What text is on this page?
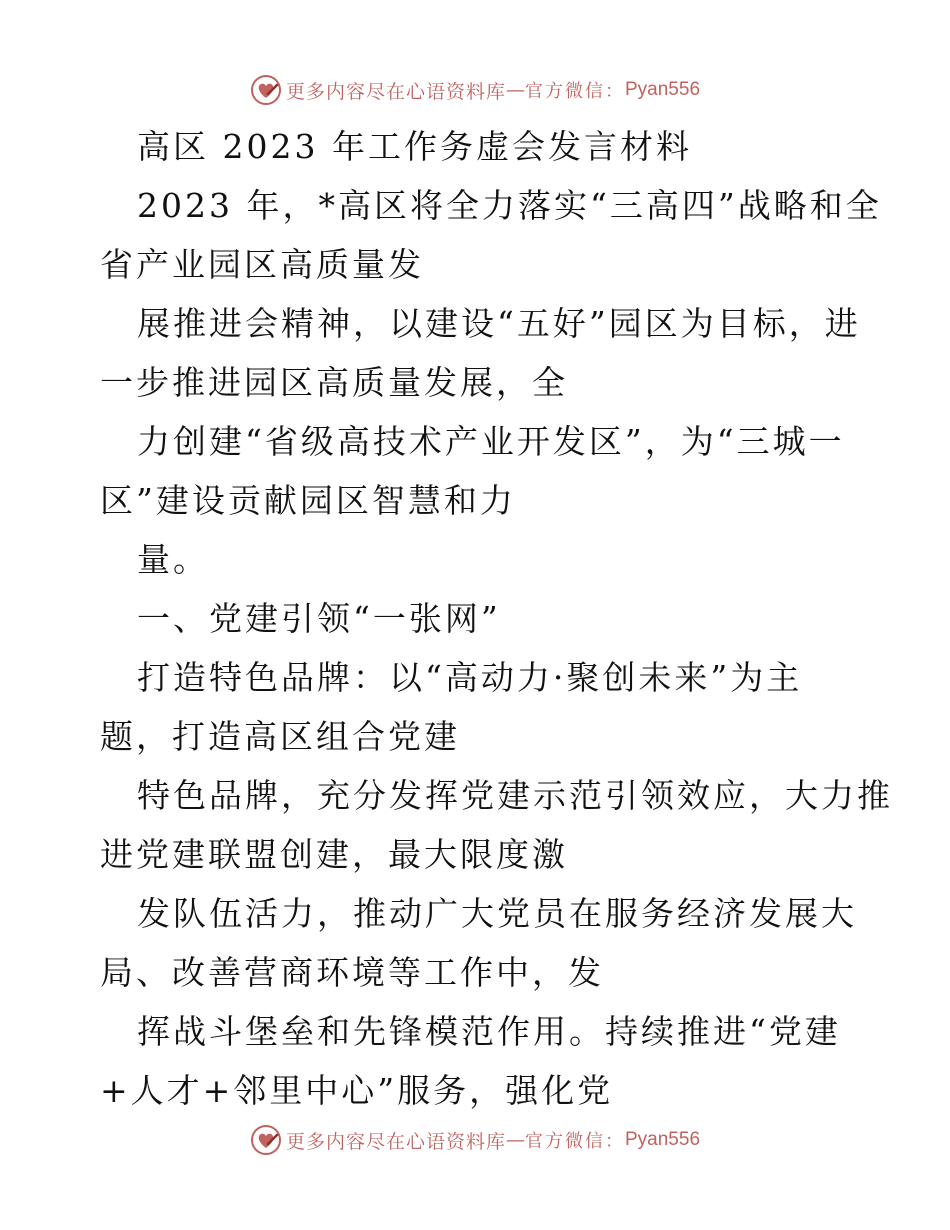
更多内容尽在心语资料库 — 官方微信： Pyan556
高区 2023 年工作务虚会发言材料
2023 年，*高区将全力落实“三高四”战略和全
省产业园区高质量发
展推进会精神，以建设“五好”园区为目标，进
一步推进园区高质量发展，全
力创建“省级高技术产业开发区”，为“三城一
区”建设贡献园区智慧和力
量。
一、党建引领“一张网”
打造特色品牌：以“高动力·聚创未来”为主
题，打造高区组合党建
特色品牌，充分发挥党建示范引领效应，大力推
进党建联盟创建，最大限度激
发队伍活力，推动广大党员在服务经济发展大
局、改善营商环境等工作中，发
挥战斗堡垒和先锋模范作用。持续推进“党建
+人才+邻里中心”服务，强化党
更多内容尽在心语资料库 — 官方微信： Pyan556
